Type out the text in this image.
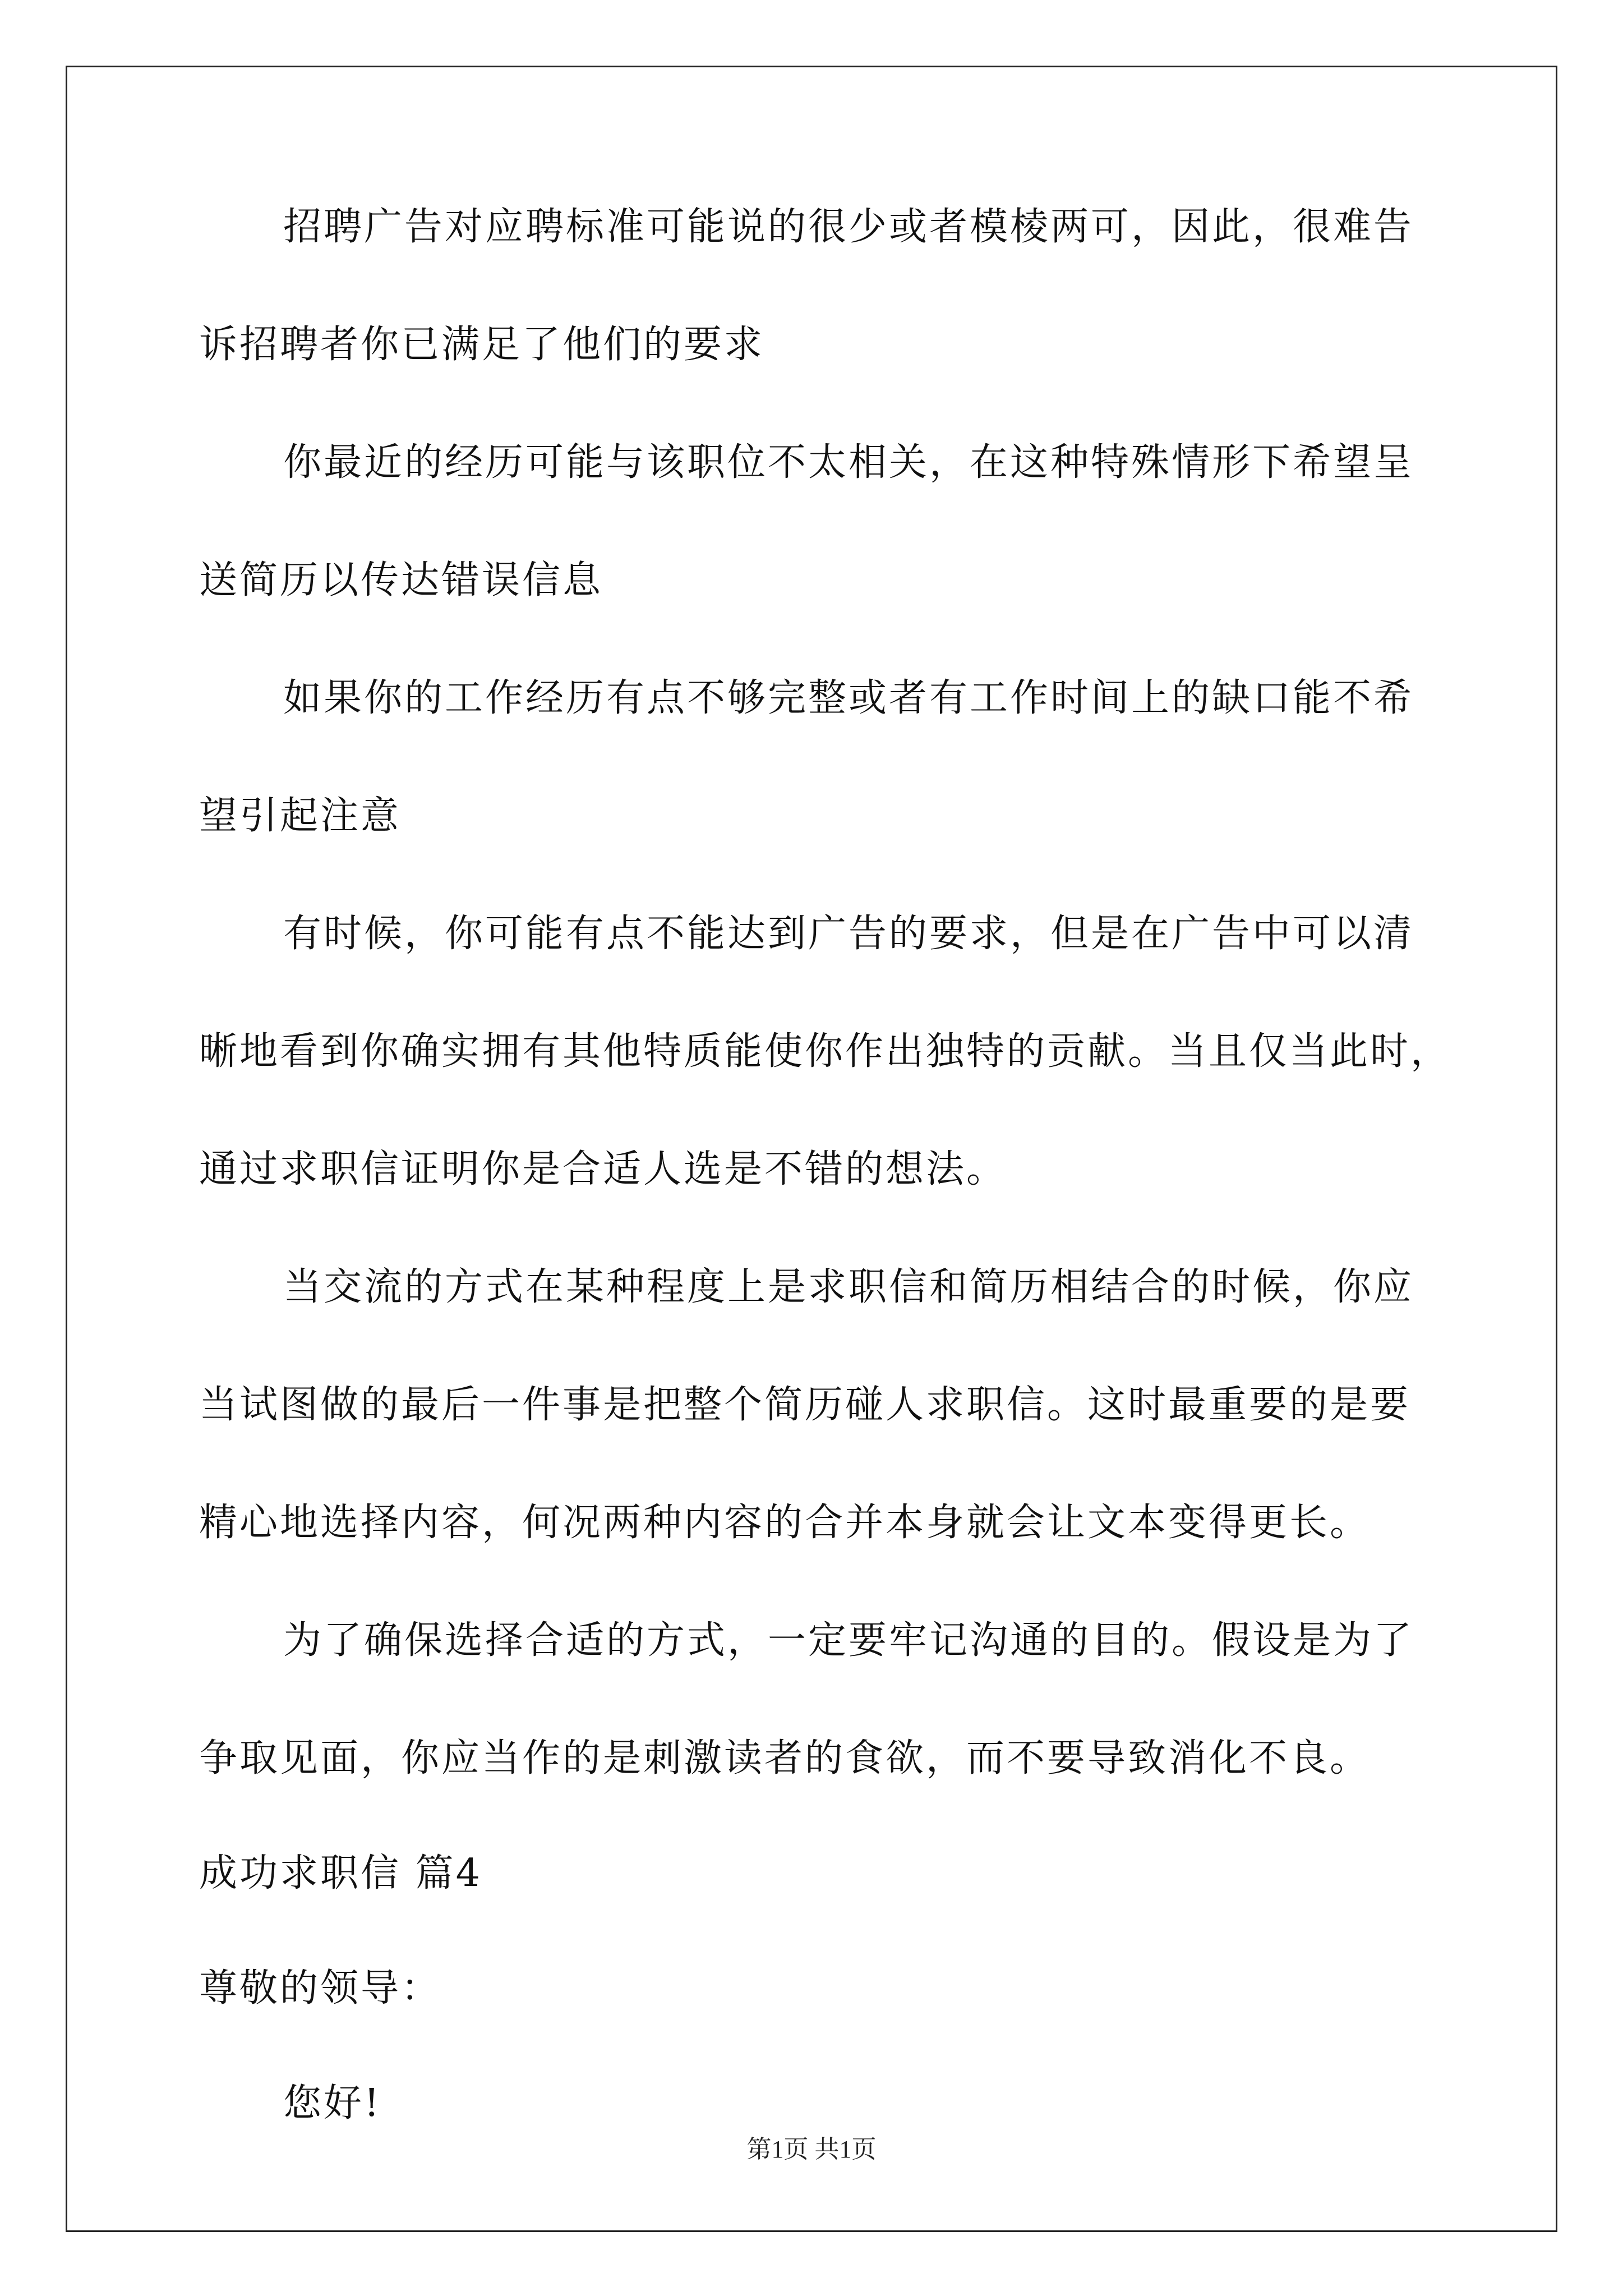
招聘广告对应聘标准可能说的很少或者模棱两可，因此，很难告
诉招聘者你已满足了他们的要求
你最近的经历可能与该职位不太相关，在这种特殊情形下希望呈
送简历以传达错误信息
如果你的工作经历有点不够完整或者有工作时间上的缺口能不希
望引起注意
有时候，你可能有点不能达到广告的要求，但是在广告中可以清
晰地看到你确实拥有其他特质能使你作出独特的贡献。当且仅当此时，
通过求职信证明你是合适人选是不错的想法。
当交流的方式在某种程度上是求职信和简历相结合的时候，你应
当试图做的最后一件事是把整个简历碰人求职信。这时最重要的是要
精心地选择内容，何况两种内容的合并本身就会让文本变得更长。
为了确保选择合适的方式，一定要牢记沟通的目的。假设是为了
争取见面，你应当作的是刺激读者的食欲，而不要导致消化不良。
成功求职信 篇4
尊敬的领导：
您好!
第1页 共1页
